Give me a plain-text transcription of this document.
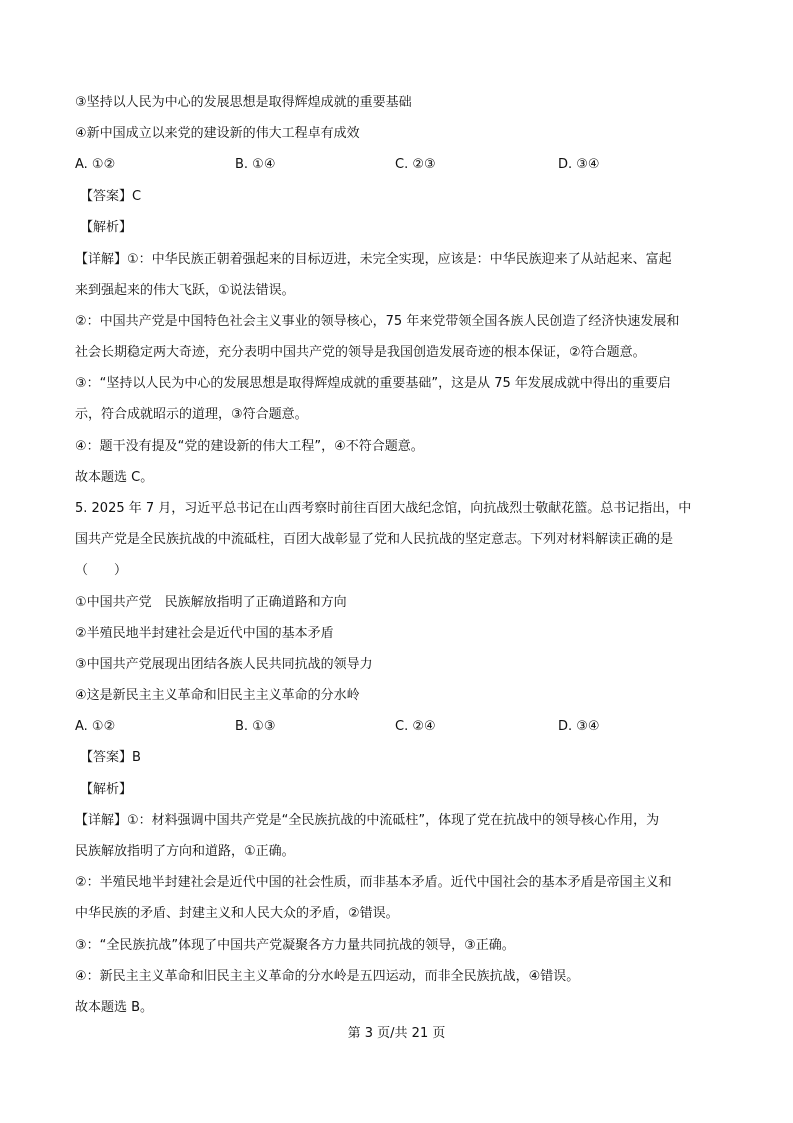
③坚持以人民为中心的发展思想是取得辉煌成就的重要基础
④新中国成立以来党的建设新的伟大工程卓有成效
A. ①②	B. ①④	C. ②③	D. ③④
【答案】C
【解析】
【详解】①：中华民族正朝着强起来的目标迈进，未完全实现，应该是：中华民族迎来了从站起来、富起
来到强起来的伟大飞跃，①说法错误。
②：中国共产党是中国特色社会主义事业的领导核心，75 年来党带领全国各族人民创造了经济快速发展和
社会长期稳定两大奇迹，充分表明中国共产党的领导是我国创造发展奇迹的根本保证，②符合题意。
③：“坚持以人民为中心的发展思想是取得辉煌成就的重要基础”，这是从 75 年发展成就中得出的重要启
示，符合成就昭示的道理，③符合题意。
④：题干没有提及“党的建设新的伟大工程”，④不符合题意。
故本题选 C。
5. 2025 年 7 月，习近平总书记在山西考察时前往百团大战纪念馆，向抗战烈士敬献花篮。总书记指出，中
国共产党是全民族抗战的中流砥柱，百团大战彰显了党和人民抗战的坚定意志。下列对材料解读正确的是
（　　）
①中国共产党　民族解放指明了正确道路和方向
②半殖民地半封建社会是近代中国的基本矛盾
③中国共产党展现出团结各族人民共同抗战的领导力
④这是新民主主义革命和旧民主主义革命的分水岭
A. ①②	B. ①③	C. ②④	D. ③④
【答案】B
【解析】
【详解】①：材料强调中国共产党是“全民族抗战的中流砥柱”，体现了党在抗战中的领导核心作用，为
民族解放指明了方向和道路，①正确。
②：半殖民地半封建社会是近代中国的社会性质，而非基本矛盾。近代中国社会的基本矛盾是帝国主义和
中华民族的矛盾、封建主义和人民大众的矛盾，②错误。
③：“全民族抗战”体现了中国共产党凝聚各方力量共同抗战的领导，③正确。
④：新民主主义革命和旧民主主义革命的分水岭是五四运动，而非全民族抗战，④错误。
故本题选 B。
第 3 页/共 21 页
